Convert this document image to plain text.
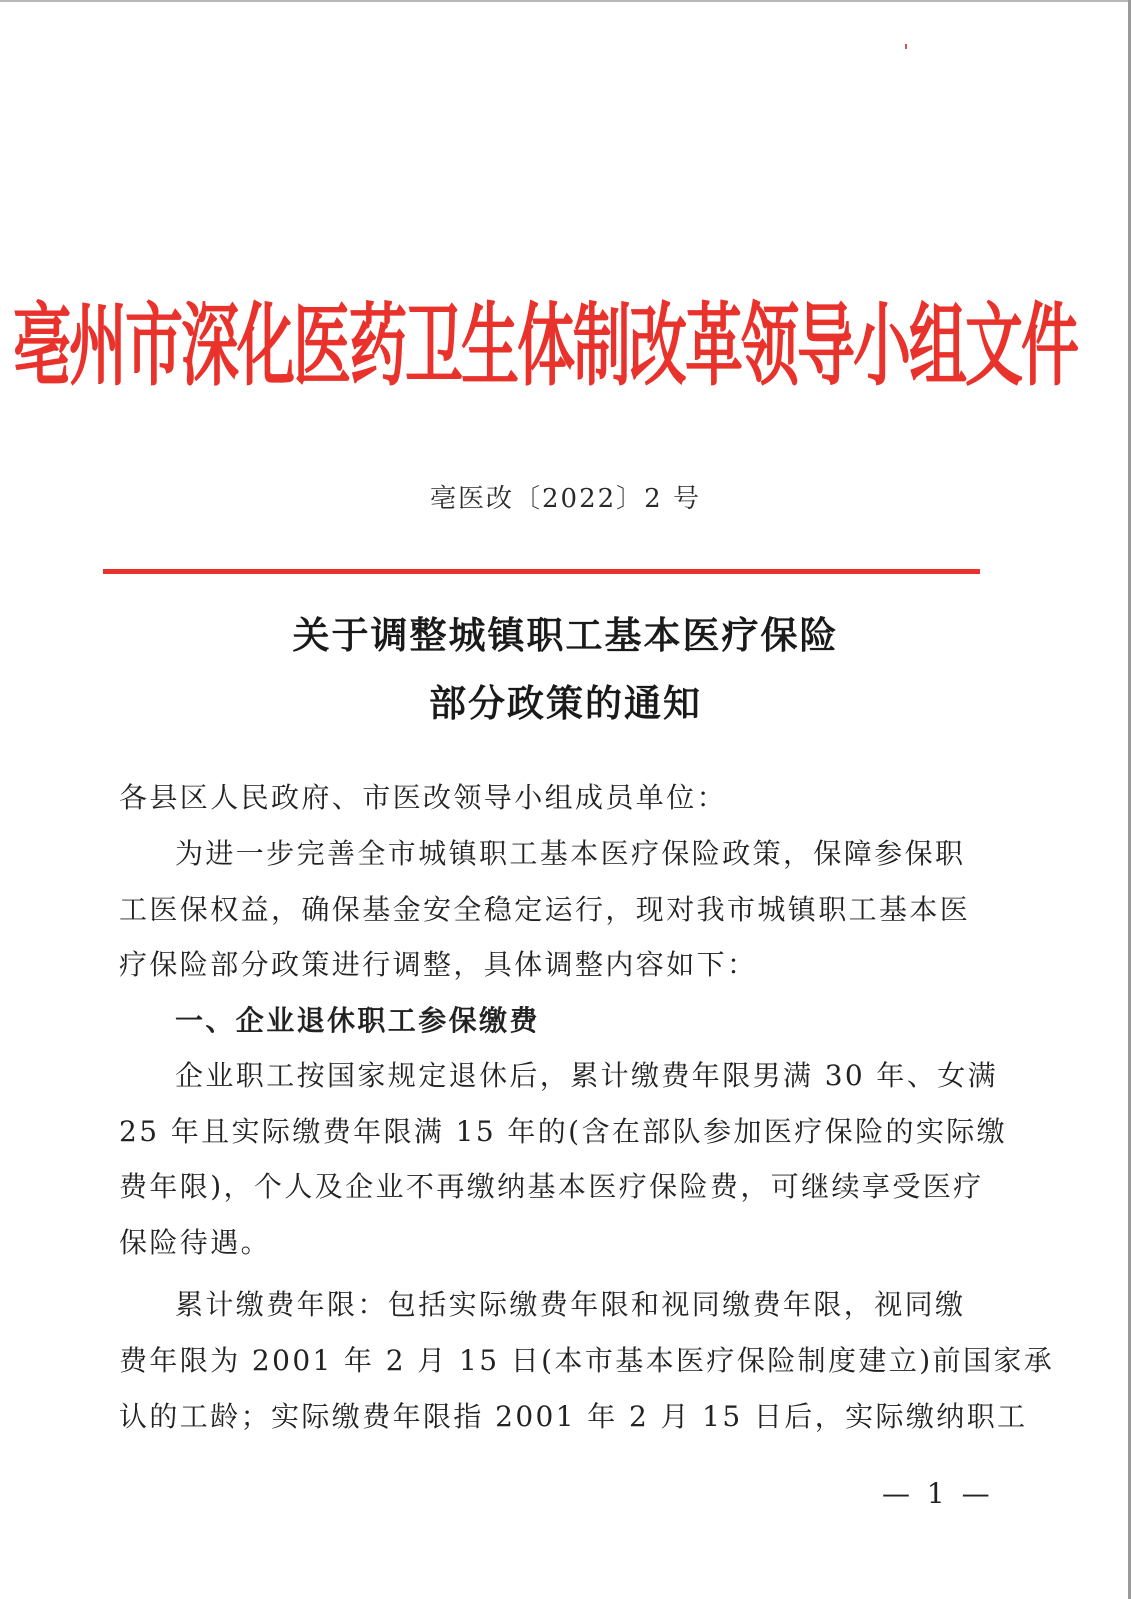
亳州市深化医药卫生体制改革领导小组文件
亳医改〔2022〕2 号
关于调整城镇职工基本医疗保险
部分政策的通知
各县区人民政府、市医改领导小组成员单位：
为进一步完善全市城镇职工基本医疗保险政策，保障参保职
工医保权益，确保基金安全稳定运行，现对我市城镇职工基本医
疗保险部分政策进行调整，具体调整内容如下：
一、企业退休职工参保缴费
企业职工按国家规定退休后，累计缴费年限男满 30 年、女满
25 年且实际缴费年限满 15 年的(含在部队参加医疗保险的实际缴
费年限)，个人及企业不再缴纳基本医疗保险费，可继续享受医疗
保险待遇。
累计缴费年限：包括实际缴费年限和视同缴费年限，视同缴
费年限为 2001 年 2 月 15 日(本市基本医疗保险制度建立)前国家承
认的工龄；实际缴费年限指 2001 年 2 月 15 日后，实际缴纳职工
— 1 —
